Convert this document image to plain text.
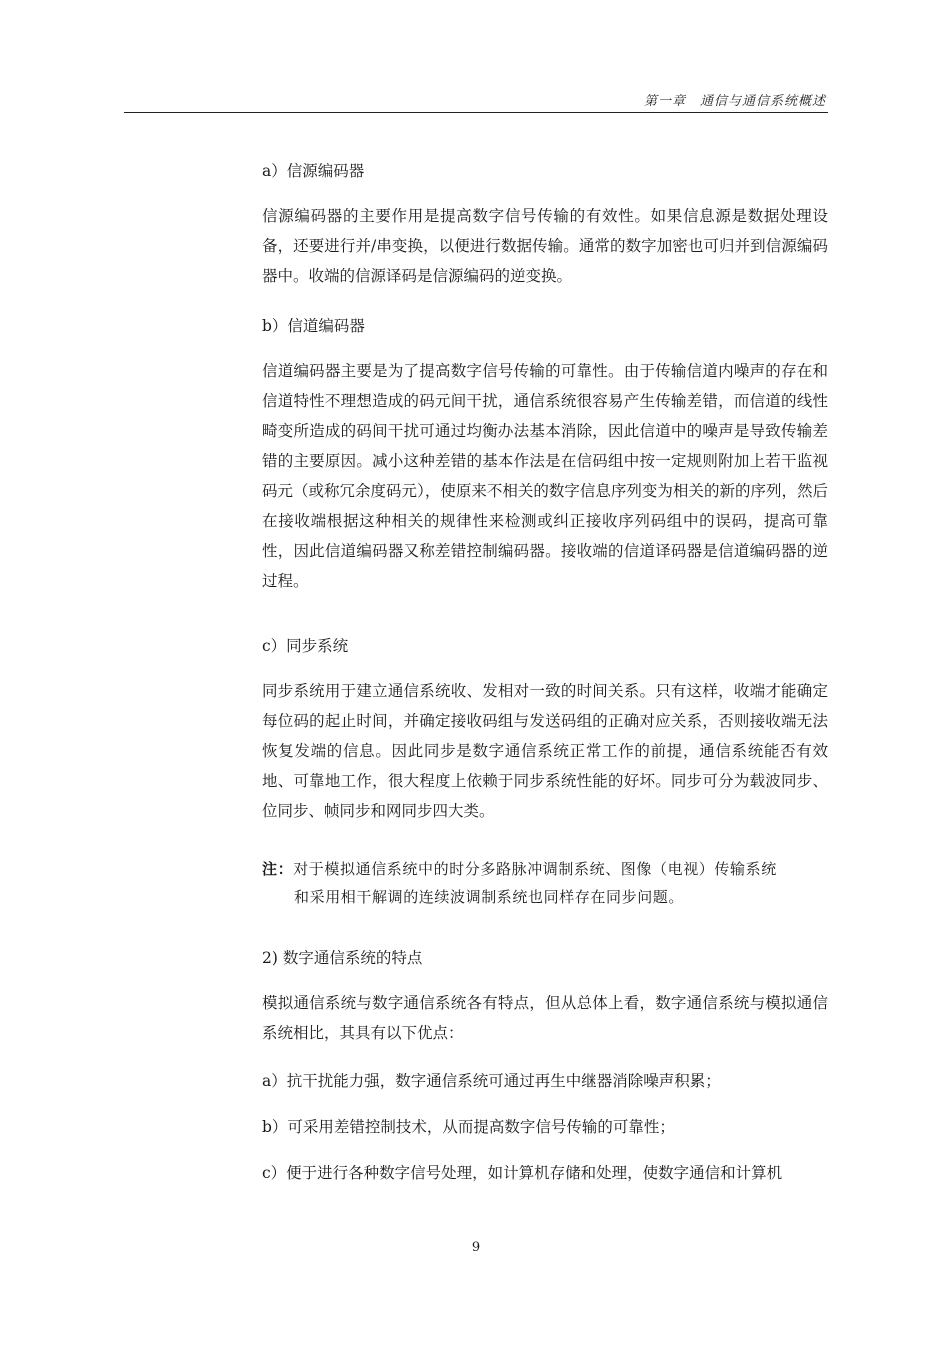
第一章　通信与通信系统概述

a）信源编码器

信源编码器的主要作用是提高数字信号传输的有效性。如果信息源是数据处理设备，还要进行并/串变换，以便进行数据传输。通常的数字加密也可归并到信源编码器中。收端的信源译码是信源编码的逆变换。

b）信道编码器

信道编码器主要是为了提高数字信号传输的可靠性。由于传输信道内噪声的存在和信道特性不理想造成的码元间干扰，通信系统很容易产生传输差错，而信道的线性畸变所造成的码间干扰可通过均衡办法基本消除，因此信道中的噪声是导致传输差错的主要原因。减小这种差错的基本作法是在信码组中按一定规则附加上若干监视码元（或称冗余度码元），使原来不相关的数字信息序列变为相关的新的序列，然后在接收端根据这种相关的规律性来检测或纠正接收序列码组中的误码，提高可靠性，因此信道编码器又称差错控制编码器。接收端的信道译码器是信道编码器的逆过程。

c）同步系统

同步系统用于建立通信系统收、发相对一致的时间关系。只有这样，收端才能确定每位码的起止时间，并确定接收码组与发送码组的正确对应关系，否则接收端无法恢复发端的信息。因此同步是数字通信系统正常工作的前提，通信系统能否有效地、可靠地工作，很大程度上依赖于同步系统性能的好坏。同步可分为载波同步、位同步、帧同步和网同步四大类。

注：对于模拟通信系统中的时分多路脉冲调制系统、图像（电视）传输系统
和采用相干解调的连续波调制系统也同样存在同步问题。

2) 数字通信系统的特点

模拟通信系统与数字通信系统各有特点，但从总体上看，数字通信系统与模拟通信系统相比，其具有以下优点：

a）抗干扰能力强，数字通信系统可通过再生中继器消除噪声积累；

b）可采用差错控制技术，从而提高数字信号传输的可靠性；

c）便于进行各种数字信号处理，如计算机存储和处理，使数字通信和计算机

9
